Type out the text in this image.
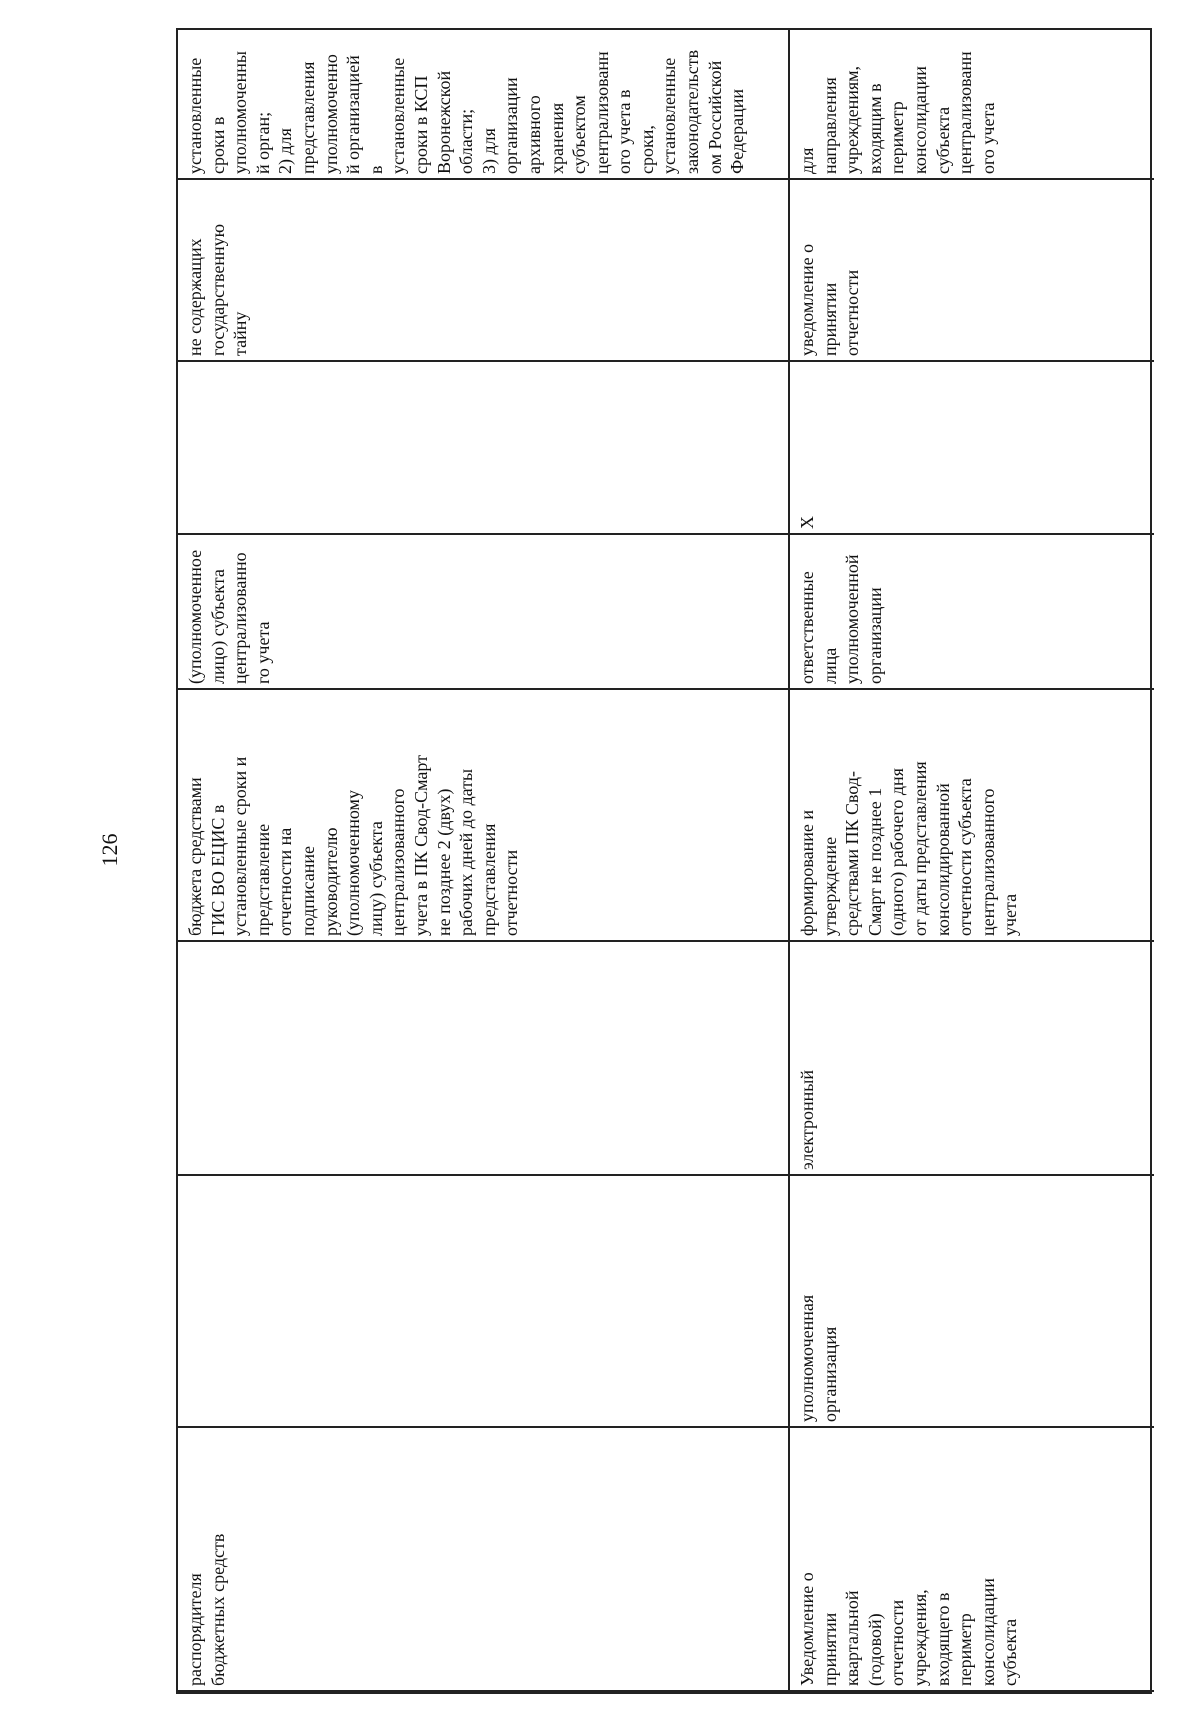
126
распорядителя
бюджетных средств
бюджета средствами
ГИС ВО ЕЦИС в
установленные сроки и
представление
отчетности на
подписание
руководителю
(уполномоченному
лицу) субъекта
централизованного
учета в ПК Свод-Смарт
не позднее 2 (двух)
рабочих дней до даты
представления
отчетности
(уполномоченное
лицо) субъекта
централизованно
го учета
не содержащих
государственную
тайну
установленные
сроки в
уполномоченны
й орган;
2) для
представления
уполномоченно
й организацией
в
установленные
сроки в КСП
Воронежской
области;
3) для
организации
архивного
хранения
субъектом
централизованн
ого учета в
сроки,
установленные
законодательств
ом Российской
Федерации
Уведомление о
принятии
квартальной
(годовой)
отчетности
учреждения,
входящего в
периметр
консолидации
субъекта
уполномоченная
организация
электронный
формирование и
утверждение
средствами ПК Свод-
Смарт не позднее 1
(одного) рабочего дня
от даты представления
консолидированной
отчетности субъекта
централизованного
учета
ответственные
лица
уполномоченной
организации
Х
уведомление о
принятии
отчетности
для
направления
учреждениям,
входящим в
периметр
консолидации
субъекта
централизованн
ого учета
